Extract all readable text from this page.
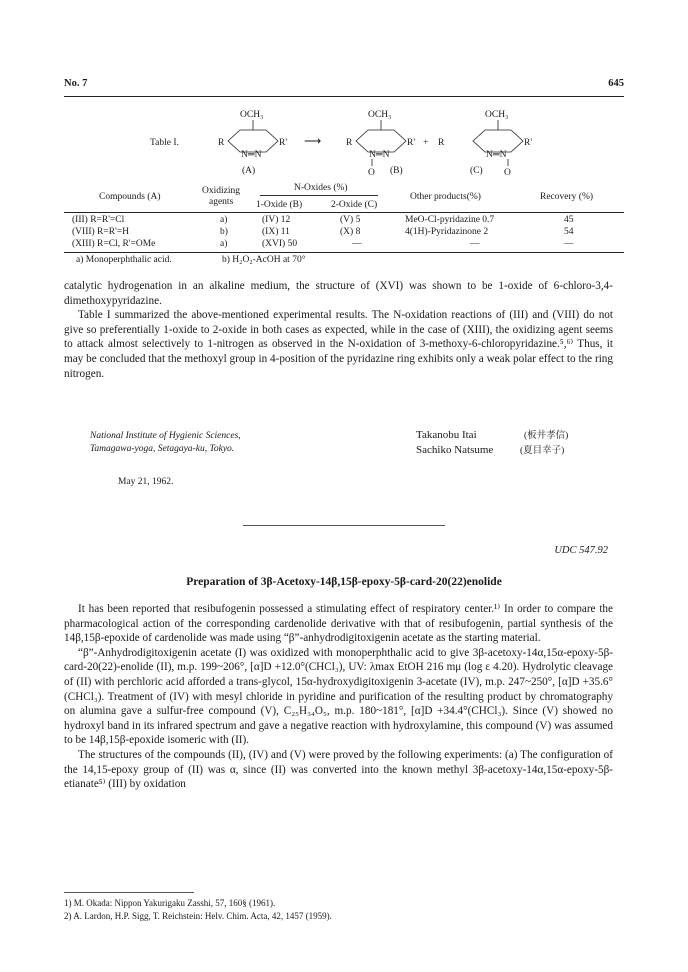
No. 7	645
Table I.
OCH₃
R	R'
N═N
(A)
⟶
OCH₃
R	R'
N═N
O (B)
+
OCH₃
R	R'
N═N
O
(C)
Compounds (A)
Oxidizing
agents
N-Oxides (%)
1-Oxide (B)	2-Oxide (C)
Other products(%)	Recovery (%)
(III) R=R'=Cl	a)	(IV) 12	(V) 5	MeO-Cl-pyridazine 0.7	45
(VIII) R=R'=H	b)	(IX) 11	(X) 8	4(1H)-Pyridazinone 2	54
(XIII) R=Cl, R'=OMe	a)	(XVI) 50	—	—	—
a) Monoperphthalic acid.	b) H₂O₂-AcOH at 70°

catalytic hydrogenation in an alkaline medium, the structure of (XVI) was shown to be 1-oxide of 6-chloro-3,4-dimethoxypyridazine.

Table I summarized the above-mentioned experimental results. The N-oxidation reactions of (III) and (VIII) do not give so preferentially 1-oxide to 2-oxide in both cases as expected, while in the case of (XIII), the oxidizing agent seems to attack almost selectively to 1-nitrogen as observed in the N-oxidation of 3-methoxy-6-chloropyridazine.⁵,⁶⁾ Thus, it may be concluded that the methoxyl group in 4-position of the pyridazine ring exhibits only a weak polar effect to the ring nitrogen.

National Institute of Hygienic Sciences,
Tamagawa-yoga, Setagaya-ku, Tokyo.
Takanobu Itai	(板井孝信)
Sachiko Natsume	(夏目幸子)
May 21, 1962.
UDC 547.92
Preparation of 3β-Acetoxy-14β,15β-epoxy-5β-card-20(22)enolide

It has been reported that resibufogenin possessed a stimulating effect of respiratory center.¹⁾ In order to compare the pharmacological action of the corresponding cardenolide derivative with that of resibufogenin, partial synthesis of the 14β,15β-epoxide of cardenolide was made using “β”-anhydrodigitoxigenin acetate as the starting material.

“β”-Anhydrodigitoxigenin acetate (I) was oxidized with monoperphthalic acid to give 3β-acetoxy-14α,15α-epoxy-5β-card-20(22)-enolide (II), m.p. 199~206°, [α]D +12.0°(CHCl₃), UV: λmax EtOH 216 mμ (log ε 4.20). Hydrolytic cleavage of (II) with perchloric acid afforded a trans-glycol, 15α-hydroxydigitoxigenin 3-acetate (IV), m.p. 247~250°, [α]D +35.6°(CHCl₃). Treatment of (IV) with mesyl chloride in pyridine and purification of the resulting product by chromatography on alumina gave a sulfur-free compound (V), C₂₅H₃₄O₅, m.p. 180~181°, [α]D +34.4°(CHCl₃). Since (V) showed no hydroxyl band in its infrared spectrum and gave a negative reaction with hydroxylamine, this compound (V) was assumed to be 14β,15β-epoxide isomeric with (II).

The structures of the compounds (II), (IV) and (V) were proved by the following experiments: (a) The configuration of the 14,15-epoxy group of (II) was α, since (II) was converted into the known methyl 3β-acetoxy-14α,15α-epoxy-5β-etianate⁵⁾ (III) by oxidation

1) M. Okada: Nippon Yakurigaku Zasshi, 57, 160§ (1961).
2) A. Lardon, H.P. Sigg, T. Reichstein: Helv. Chim. Acta, 42, 1457 (1959).
